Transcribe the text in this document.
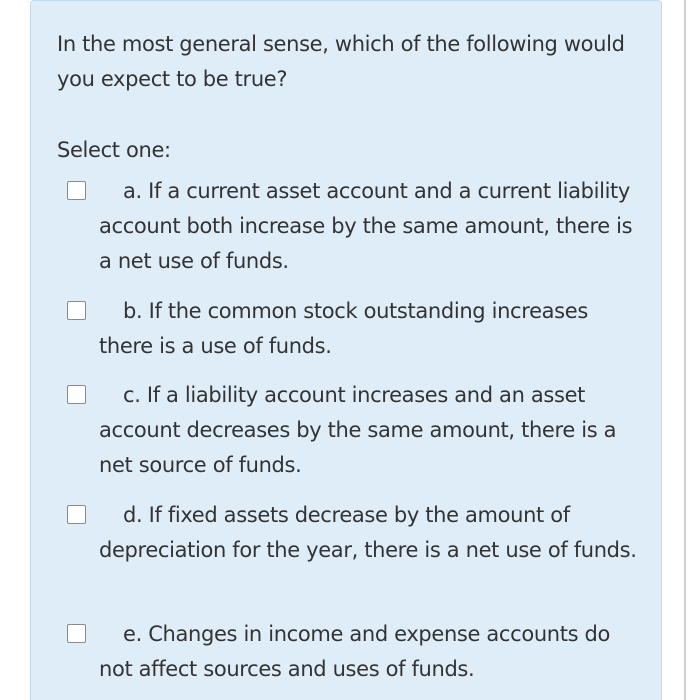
In the most general sense, which of the following would you expect to be true?

Select one:

a. If a current asset account and a current liability account both increase by the same amount, there is a net use of funds.

b. If the common stock outstanding increases there is a use of funds.

c. If a liability account increases and an asset account decreases by the same amount, there is a net source of funds.

d. If fixed assets decrease by the amount of depreciation for the year, there is a net use of funds.

e. Changes in income and expense accounts do not affect sources and uses of funds.
